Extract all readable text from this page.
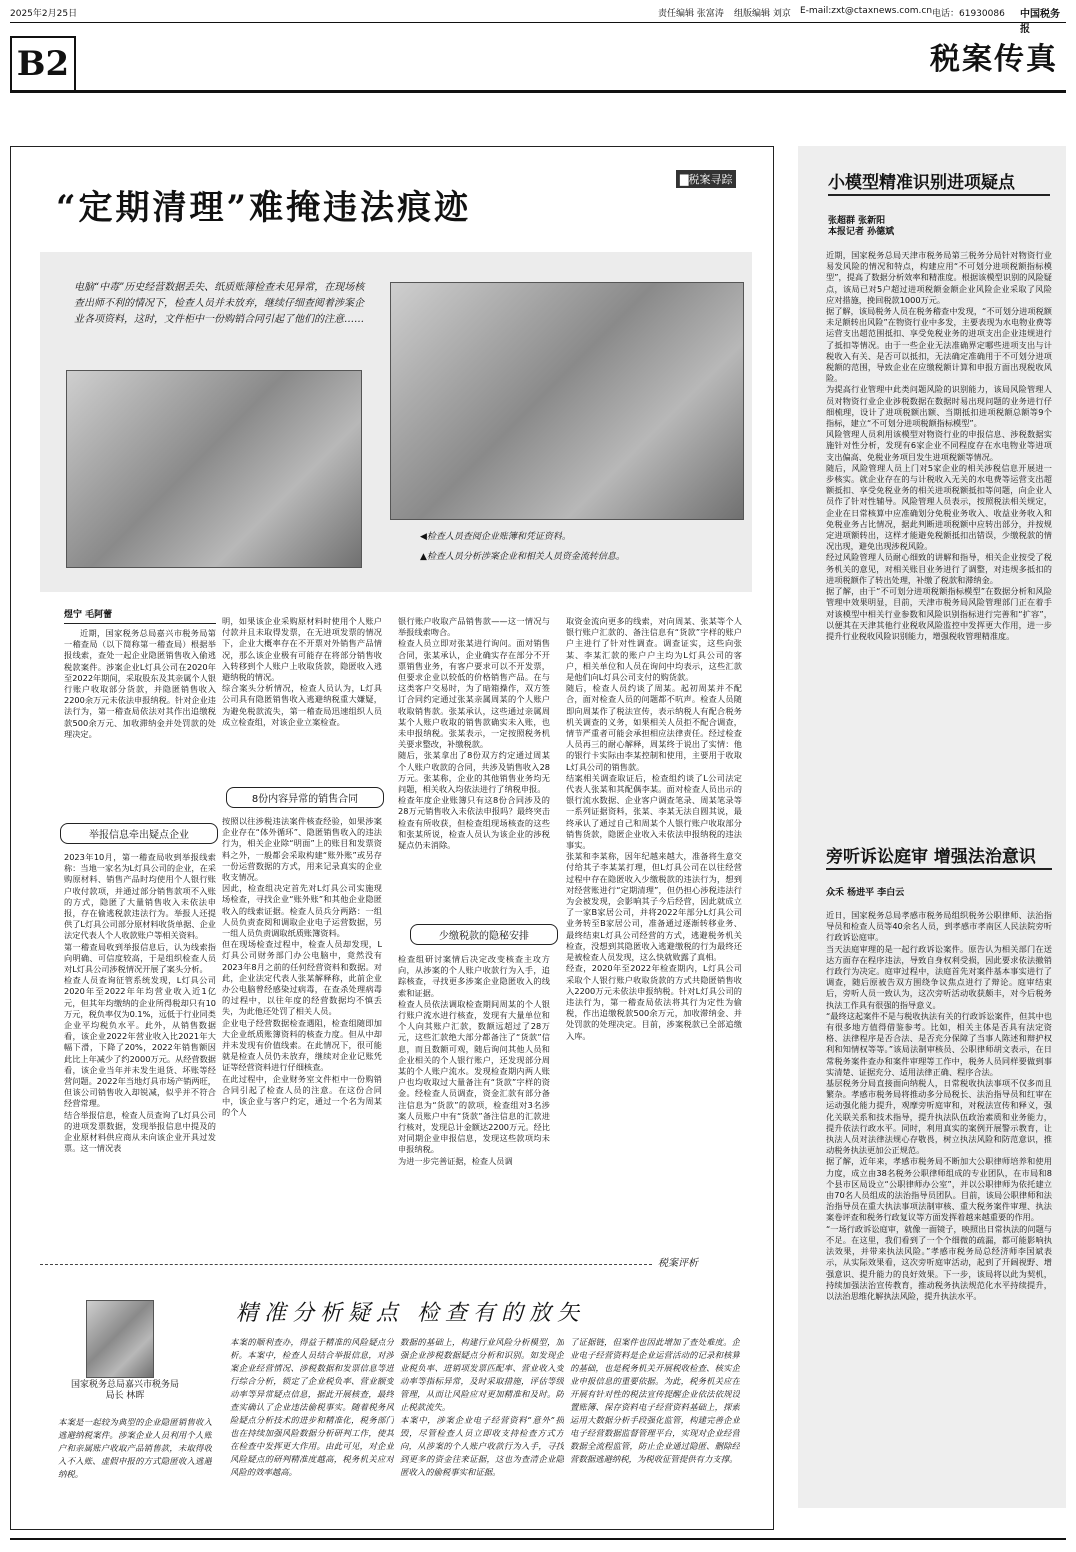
2025年2月25日	责任编辑 张富涛 组版编辑 刘京 E-mail:zxt@ctaxnews.com.cn 电话：61930086 中国税务报
B2	税案传真
▇税案寻踪
“定期清理”难掩违法痕迹
电脑“中毒”历史经营数据丢失、纸质账簿检查未见异常，在现场核查出师不利的情况下，检查人员并未放弃，继续仔细查阅着涉案企业各项资料，这时，文件柜中一份购销合同引起了他们的注意……
◀检查人员查阅企业账簿和凭证资料。
▲检查人员分析涉案企业和相关人员资金流转信息。
煜宁 毛阿蕾
近期，国家税务总局嘉兴市税务局第一稽查局（以下简称第一稽查局）根据举报线索，查处一起企业隐匿销售收入偷逃税款案件。涉案企业L灯具公司在2020年至2022年期间，采取股东及其亲属个人银行账户收取部分货款，并隐匿销售收入2200余万元未依法申报纳税。针对企业违法行为，第一稽查局依法对其作出追缴税款500余万元、加收滞纳金并处罚款的处理决定。
举报信息牵出疑点企业
2023年10月，第一稽查局收到举报线索称：当地一家名为L灯具公司的企业，在采购原材料、销售产品时均使用个人银行账户收付款项，并通过部分销售款项不入账的方式，隐匿了大量销售收入未依法申报，存在偷逃税款违法行为。举报人还提供了L灯具公司部分原材料收货单据、企业法定代表人个人收款账户等相关资料。
第一稽查局收到举报信息后，认为线索指向明确、可信度较高，于是组织检查人员对L灯具公司涉税情况开展了案头分析。
检查人员查询征管系统发现，L灯具公司2020年至2022年年均营业收入近1亿元，但其年均缴纳的企业所得税却只有10万元，税负率仅为0.1%，远低于行业同类企业平均税负水平。此外，从销售数据看，该企业2022年营业收入比2021年大幅下滑，下降了20%，2022年销售额因此比上年减少了约2000万元。从经营数据看，该企业当年并未发生退货、坏账等经营问题。2022年当地灯具市场产销两旺，但该公司销售收入却锐减，似乎并不符合经营常理。
结合举报信息，检查人员查询了L灯具公司的进项发票数据，发现举报信息中提及的企业原材料供应商从未向该企业开具过发票。这一情况表
明，如果该企业采购原材料时使用个人账户付款并且未取得发票，在无进项发票的情况下，企业大概率存在不开票对外销售产品情况，那么该企业极有可能存在将部分销售收入转移到个人账户上收取货款，隐匿收入逃避纳税的情况。
综合案头分析情况，检查人员认为，L灯具公司具有隐匿销售收入逃避纳税重大嫌疑，为避免税款流失，第一稽查局迅速组织人员成立检查组，对该企业立案检查。
8份内容异常的销售合同
按照以往涉税违法案件核查经验，如果涉案企业存在“体外循环”、隐匿销售收入的违法行为，相关企业除“明面”上的账目和发票资料之外，一般都会采取构建“账外账”或另存一份运营数据的方式，用来记录真实的企业收支情况。
因此，检查组决定首先对L灯具公司实施现场检查，寻找企业“账外账”和其他企业隐匿收入的线索证据。检查人员兵分两路：一组人员负责查阅和调取企业电子运营数据，另一组人员负责调取纸质账簿资料。
但在现场检查过程中，检查人员却发现，L灯具公司财务部门办公电脑中，竟然没有2023年8月之前的任何经营资料和数据。对此，企业法定代表人张某解释称，此前企业办公电脑曾经感染过病毒，在查杀处理病毒的过程中，以往年度的经营数据均不慎丢失，为此他还处罚了相关人员。
企业电子经营数据检查遇阻，检查组随即加大企业纸质账簿资料的核查力度。但从中却并未发现有价值线索。在此情况下，很可能就是检查人员仍未放弃，继续对企业记账凭证等经营资料进行仔细核查。
在此过程中，企业财务室文件柜中一份购销合同引起了检查人员的注意。在这份合同中，该企业与客户约定，通过一个名为周某的个人
银行账户收取产品销售款——这一情况与举报线索吻合。
检查人员立即对张某进行询问。面对销售合同，张某承认，企业确实存在部分不开票销售业务，有客户要求可以不开发票，但要求企业以较低的价格销售产品。在与这类客户交易时，为了暗箱操作，双方签订合同约定通过张某亲属周某的个人账户收取销售款。张某承认，这些通过亲属周某个人账户收取的销售款确实未入账，也未申报纳税。张某表示，一定按照税务机关要求整改，补缴税款。
随后，张某拿出了8份双方约定通过周某个人账户收款的合同，共涉及销售收入28万元。张某称，企业的其他销售业务均无问题，相关收入均依法进行了纳税申报。
检查年度企业账簿只有这8份合同涉及的28万元销售收入未依法申报吗？最终突击检查有所收获，但检查组现场核查的这些和张某所说，检查人员认为该企业的涉税疑点仍未消除。
少缴税款的隐秘安排
检查组研讨案情后决定改变核查主攻方向，从涉案的个人账户收款行为入手，追踪核查，寻找更多涉案企业隐匿收入的线索和证据。
检查人员依法调取检查期间周某的个人银行账户流水进行核查，发现有大量单位和个人向其账户汇款，数额远超过了28万元，这些汇款绝大部分都备注了“货款”信息，而且数额可观，随后询问其他人员和企业相关的个人银行账户，还发现部分周某的个人账户流水。发现检查期内两人账户也均收取过大量备注有“货款”字样的资金。经检查人员调查，资金汇款有部分备注信息为“货款”的款项，检查组对3名涉案人员账户中有“货款”备注信息的汇款进行核对，发现总计金额达2200万元。经比对同期企业申报信息，发现这些款项均未申报纳税。
为进一步完善证据，检查人员调
取资金流向更多的线索，对向周某、张某等个人银行账户汇款的、备注信息有“货款”字样的账户户主进行了针对性调查。调查证实，这些向张某、李某汇款的账户户主均为L灯具公司的客户，相关单位和人员在询问中均表示，这些汇款是他们向L灯具公司支付的购货款。
随后，检查人员约谈了周某。起初周某并不配合，面对检查人员的问题都不吭声。检查人员随即向周某作了税法宣传，表示纳税人有配合税务机关调查的义务，如果相关人员拒不配合调查，情节严重者可能会承担相应法律责任。经过检查人员再三的耐心解释，周某终于说出了实情：他的银行卡实际由李某控制和使用，主要用于收取L灯具公司的销售款。
结案相关调查取证后，检查组约谈了L公司法定代表人张某和其配偶李某。面对检查人员出示的银行流水数据、企业客户调查笔录、周某笔录等一系列证据资料，张某、李某无法自圆其说，最终承认了通过自己和周某个人银行账户收取部分销售货款，隐匿企业收入未依法申报纳税的违法事实。
张某和李某称，因年纪越来越大，准备将生意交付给其子李某某打理，但L灯具公司在以往经营过程中存在隐匿收入少缴税款的违法行为，想到对经营账进行“定期清理”，但仍担心涉税违法行为会被发现，会影响其子今后经营，因此就成立了一家B家居公司，并将2022年部分L灯具公司业务转至B家居公司，准备通过逐渐转移业务、最终结束L灯具公司经营的方式，逃避税务机关检查，没想到其隐匿收入逃避缴税的行为最终还是被检查人员发现，这么快就败露了真相。
经查，2020年至2022年检查期内，L灯具公司采取个人银行账户收取货款的方式共隐匿销售收入2200万元未依法申报纳税。针对L灯具公司的违法行为，第一稽查局依法将其行为定性为偷税，作出追缴税款500余万元，加收滞纳金、并处罚款的处理决定。目前，涉案税款已全部追缴入库。
税案评析
精准分析疑点 检查有的放矢
国家税务总局嘉兴市税务局局长 林晖
本案是一起较为典型的企业隐匿销售收入逃避纳税案件。涉案企业人员利用个人账户和亲属账户收取产品销售款，未取得收入不入账、虚假申报的方式隐匿收入逃避纳税。
本案的顺利查办，得益于精准的风险疑点分析。本案中，检查人员结合举报信息，对涉案企业经营情况、涉税数据和发票信息等进行综合分析，锁定了企业税负率、营业额变动率等异常疑点信息，据此开展核查，最终查实确认了企业违法偷税事实。随着税务风险疑点分析技术的进步和精准化，税务部门也在持续加强风险数据分析研判工作，使其在检查中发挥更大作用。由此可见，对企业风险疑点的研判精准度越高，税务机关应对风险的效率越高。
数据的基础上，构建行业风险分析模型，加强企业涉税数据疑点分析和识别。如发现企业税负率、进销项发票匹配率、营业收入变动率等指标异常，及时采取措施，评估等级管理，从而让风险应对更加精准和及时。防止税款流失。
本案中，涉案企业电子经营资料“意外”损毁，尽管检查人员立即收支持检查方式方向，从涉案的个人账户收款行为入手，寻找到更多的资金往来证据，这也为查清企业隐匿收入的偷税事实和证据。
了证据链，但案件也因此增加了查处难度。企业电子经营资料是企业运营活动的记录和核算的基础，也是税务机关开展税收检查、核实企业申报信息的重要依据。为此，税务机关应在开展有针对性的税法宣传提醒企业依法依规设置账簿、保存资料电子经营资料基础上，探索运用大数据分析手段强化监管，构建完善企业电子经营数据监督管理平台，实现对企业经营数据全流程监管，防止企业通过隐匿、删除经营数据逃避纳税，为税收征管提供有力支撑。
小模型精准识别进项疑点
张超群 张新阳
本报记者 孙德斌
近期，国家税务总局天津市税务局第三税务分局针对物资行业易发风险的情况和特点，构建应用“不可划分进项税额指标模型”，提高了数据分析效率和精准度。根据该模型识别的风险疑点，该局已对5户超过进项税额金额企业风险企业采取了风险应对措施，挽回税款1000万元。
据了解，该局税务人员在税务稽查中发现，“不可划分进项税额未足额转出风险”在物资行业中多发，主要表现为水电物业费等运营支出超范围抵扣、享受免税业务的进项支出企业违规进行了抵扣等情况。由于一些企业无法准确界定哪些进项支出与计税收入有关、是否可以抵扣，无法确定准确用于不可划分进项税额的范围，导致企业在应缴税额计算和申报方面出现税收风险。
为提高行业管理中此类问题风险的识别能力，该局风险管理人员对物资行业企业涉税数据在数据时易出现问题的业务进行仔细梳理，设计了进项税额出额、当期抵扣进项税额总额等9个指标，建立“不可划分进项税额指标模型”。
风险管理人员利用该模型对物资行业的申报信息、涉税数据实施针对性分析，发现有6家企业不同程度存在水电物业等进项支出偏高、免税业务项目发生进项税额等情况。
随后，风险管理人员上门对5家企业的相关涉税信息开展进一步核实。就企业存在的与计税收入无关的水电费等运营支出超额抵扣、享受免税业务的相关进项税额抵扣等问题，向企业人员作了针对性辅导。风险管理人员表示，按照税法相关规定，企业在日常核算中应准确划分免税业务收入、收益业务收入和免税业务占比情况，据此判断进项税额中应转出部分，并按规定进项额转出，这样才能避免税额抵扣出错误，少缴税款的情况出现，避免出现涉税风险。
经过风险管理人员耐心细致的讲解和指导，相关企业按受了税务机关的意见，对相关账目业务进行了调整，对违规多抵扣的进项税额作了转出处理，补缴了税款和滞纳金。
据了解，由于“不可划分进项税额指标模型”在数据分析和风险管理中效果明显，目前，天津市税务局风险管理部门正在着手对该模型中相关行业参数和风险识别指标进行完善和“扩容”，以便其在天津其他行业税收风险监控中发挥更大作用，进一步提升行业税收风险识别能力，增强税收管理精准度。
旁听诉讼庭审 增强法治意识
众禾 杨进平 李白云
近日，国家税务总局孝感市税务局组织税务公职律师、法治指导员和检查人员等40余名人员，到孝感市孝南区人民法院旁听行政诉讼庭审。
当天法庭审理的是一起行政诉讼案件。原告认为相关部门在送达方面存在程序违法，导致自身权利受损，因此要求依法撤销行政行为决定。庭审过程中，法庭首先对案件基本事实进行了调查，随后原被告双方围绕争议焦点进行了辩论。庭审结束后，旁听人员一致认为，这次旁听活动收获颇丰，对今后税务执法工作具有很强的指导意义。
“最终这起案件不是与税收执法有关的行政诉讼案件，但其中也有很多地方值得借鉴参考。比如，相关主体是否具有法定资格、法律程序是否合法、是否充分保障了当事人陈述和辩护权利和知情权等等。”该局法制审核员、公职律师胡文表示，在日常税务案件查办和案件审理等工作中，税务人员同样要做到事实清楚、证据充分、适用法律正确、程序合法。
基层税务分局直接面向纳税人，日常税收执法事项不仅多而且繁杂。孝感市税务局将推动多分局税长、法治指导员和红审在运动强化能力提升，观摩旁听庭审和，对税法宣传和释义，强化关联关系和技术指导，提升执法队伍政治素质和业务能力，提升依法行政水平。同时，利用真实的案例开展警示教育，让执法人员对法律法规心存敬畏，树立执法风险和防范意识，推动税务执法更加公正规范。
据了解，近年来，孝感市税务局不断加大公职律师培养和使用力度，成立由38名税务公职律师组成的专业团队，在市局和8个县市区局设立“公职律师办公室”，并以公职律师为依托建立由70名人员组成的法治指导员团队。目前，该局公职律师和法治指导员在重大执法事项法制审核、重大税务案件审理、执法案卷评查和税务行政复议等方面发挥着越来越重要的作用。
“一场行政诉讼庭审，就像一面镜子，映照出日常执法的问题与不足。在这里，我们看到了一个个细微的疏漏，都可能影响执法效果，并带来执法风险。”孝感市税务局总经济师李国斌表示，从实际效果看，这次旁听庭审活动，起到了开阔视野、增强意识、提升能力的良好效果。下一步，该局将以此为契机，持续加强法治宣传教育，推动税务执法规范化水平持续提升，以法治思维化解执法风险，提升执法水平。
